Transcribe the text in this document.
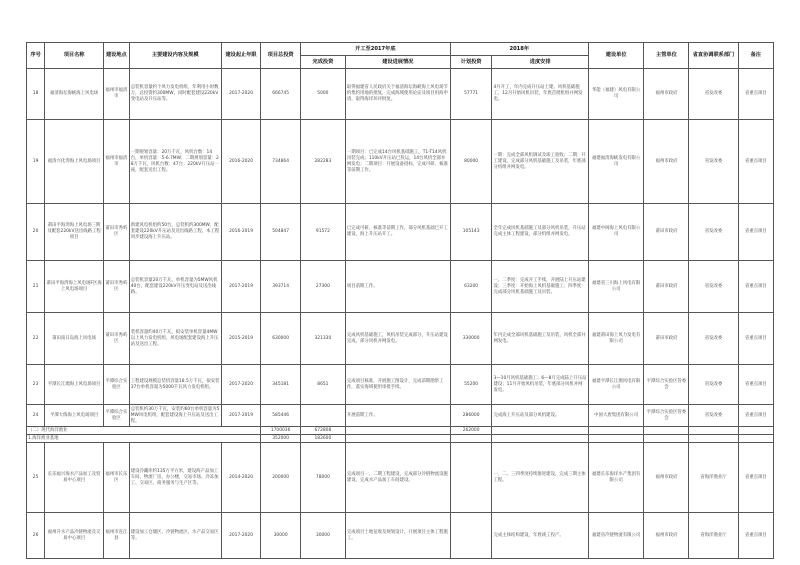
序号	项目名称	建设地点	主要建设内容及规模	建设起止年限	项目总投资	开工至2017年底		2018年		建设单位	主管单位	省直协调联系部门	备注
						完成投资	建设进展情况	计划投资	进度安排				
18	福清海坛海峡海上风电场	福州市福清市	总装机容量约个风力发电机组，年利用小时数万，总投资约300MW，同时配套建设220kV变电站及升压站等。	2017-2020	666745	5000	取得福建省人民政府关于福清海坛海峡海上风电场节约集约用地的批复，完成海域使用论证及项目用海申请，取得海洋环评批复。	57771	4月开工，年内完成升压站土建、风机基础施工，12月开始风机吊装，年底首批机组并网发电。	华能（福建）风电有限公司	福州市政府	省发改委	省重点项目
19	福清兴化湾海上风电场项目	福州市福清市	一期规划容量：20万千瓦，风机台数：14台，单机容量：5-6.7MW；二期规划容量：28万千瓦，风机台数：47台；220kV升压站一座，配套送出工程。	2016-2020	734864	282283	一期项目：已完成14台风机基础施工，T1-T14风机吊装完成；110kV升压站已投运，14台风机全部并网发电；二期项目：开展设备招标，完成可研、核准等前期工作。	80000	一期：完成全部风机调试及竣工验收；二期：开工建设，完成部分风机基础施工及吊装，年底部分机组并网发电。	福建福清海峡发电有限公司	福州市政府	省发改委	省重点项目
20	莆田平海湾海上风电场三期及配套220kV送出线路工程项目	莆田市秀屿区	新建风电机组约50台，总装机约300MW，配套建设220kV升压站及送出线路工程，本工程同步建设海上升压站。	2016-2019	504847	91572	已完成可研、核准等前期工作，部分风机基础已开工建设，海上升压站开工。	105143	全年完成风机基础施工及部分风机吊装，升压站完成主体工程建设，部分机组并网发电。	福建中闽海上风电有限公司	莆田市政府	省发改委	省重点项目
21	莆田平海湾海上风电场F区海上风电场项目	莆田市秀屿区	总装机容量20万千瓦，单机容量为5MW风机40台，配套建设220kV升压变电站及送出线路。	2017-2019	393714	27300	项目前期工作。	63200	一、二季度：完成开工手续，开展陆上升压站建设；三季度：开始海上风机基础施工；四季度：完成部分风机基础施工及吊装。	福建省三川海上风电有限公司	莆田市政府	省发改委	省重点项目
22	莆田南日岛海上风电场	莆田市秀屿区	装机容量约40万千瓦，拟安装单机容量4MW以上风力发电机组，风电场配套建设海上升压站及送出工程。	2015-2019	630000	321330	完成风机基础施工，风机吊装完成部分，升压站建设完成，部分风机并网发电。	330000	年内完成全部风机基础施工及吊装，风机全部并网发电。	福建莆田海上风力发电有限公司	莆田市政府	省发改委	省重点项目
23	平潭长江澳海上风电场项目	平潭综合实验区	工程建设规模总装机容量18.5万千瓦，拟安装37台单机容量为5000千瓦风力发电机组。	2017-2020	345181	8651	完成项目核准，开展施工图设计，完成前期勘察工作，落实海域使用审批手续。	55200	3—10月风机基础施工；6—8月完成陆上升压站建设；11月开始风机吊装，年底部分风机并网发电。	福建平潭长江澳风电有限公司	平潭综合实验区管委会	省发改委	省重点项目
24	平潭大练海上风电场项目	平潭综合实验区	总装机约30万千瓦，安装约60台单机容量为5MW风电机组，配套建设海上升压站及送出工程。	2017-2019	585446		开展前期工作。	286000	完成海上升压站及部分风机建设。	中国大唐集团有限公司	平潭综合实验区管委会	省发改委	省重点项目
（二）现代海洋渔业					1700036	672808		262000					
1.海洋渔业基地					352000	182600							
25	长乐福兴海水产品加工及贸易中心项目	福州市长乐区	建设冷藏库约135万平方米，建设海产品加工车间、物流厂房、办公楼，交易市场、冷冻加工、交易区、商务服务与生产区等。	2014-2020	200000	78000	完成项目一、二期工程建设，完成部分冷链物流设施建设，完成水产品加工车间建设。		一、二、三四季度持续推进建设，完成三期主体工程。	福建长乐海洋水产集团有限公司	福州市政府	省海洋渔业厅	省重点项目
26	福州升水产品冷链物流及交易中心项目	福州市连江县	建设加工仓储区、冷链物流区、水产品交易区等。	2017-2020	30000	30000	完成项目土地征收及规划设计，开展项目主体工程施工。		完成主体结构建设，年底竣工投产。	福建省冷链物流有限公司	福州市政府	省海洋渔业厅	省重点项目
